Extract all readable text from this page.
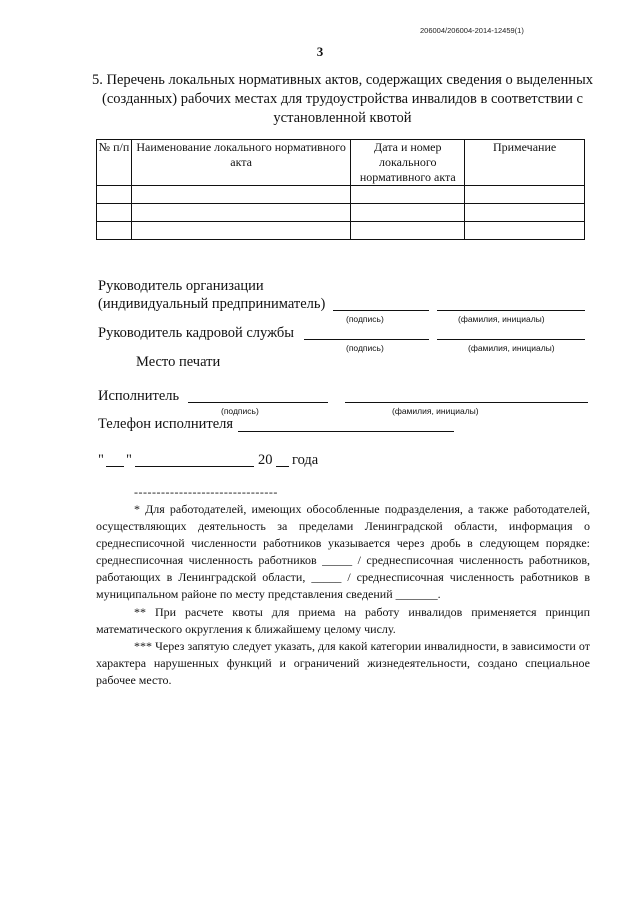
206004/206004-2014-12459(1)
3
5. Перечень локальных нормативных актов, содержащих сведения о выделенных (созданных) рабочих местах для трудоустройства инвалидов в соответствии с установленной квотой
№ п/п	Наименование локального нормативного акта	Дата и номер локального нормативного акта	Примечание

Руководитель организации
(индивидуальный предприниматель)
(подпись)	(фамилия, инициалы)
Руководитель кадровой службы
(подпись)	(фамилия, инициалы)
Место печати
Исполнитель
(подпись)	(фамилия, инициалы)
Телефон исполнителя
" "	20 года
--------------------------------
* Для работодателей, имеющих обособленные подразделения, а также работодателей, осуществляющих деятельность за пределами Ленинградской области, информация о среднесписочной численности работников указывается через дробь в следующем порядке: среднесписочная численность работников _____ / среднесписочная численность работников, работающих в Ленинградской области, _____ / среднесписочная численность работников в муниципальном районе по месту представления сведений _______.
** При расчете квоты для приема на работу инвалидов применяется принцип математического округления к ближайшему целому числу.
*** Через запятую следует указать, для какой категории инвалидности, в зависимости от характера нарушенных функций и ограничений жизнедеятельности, создано специальное рабочее место.
